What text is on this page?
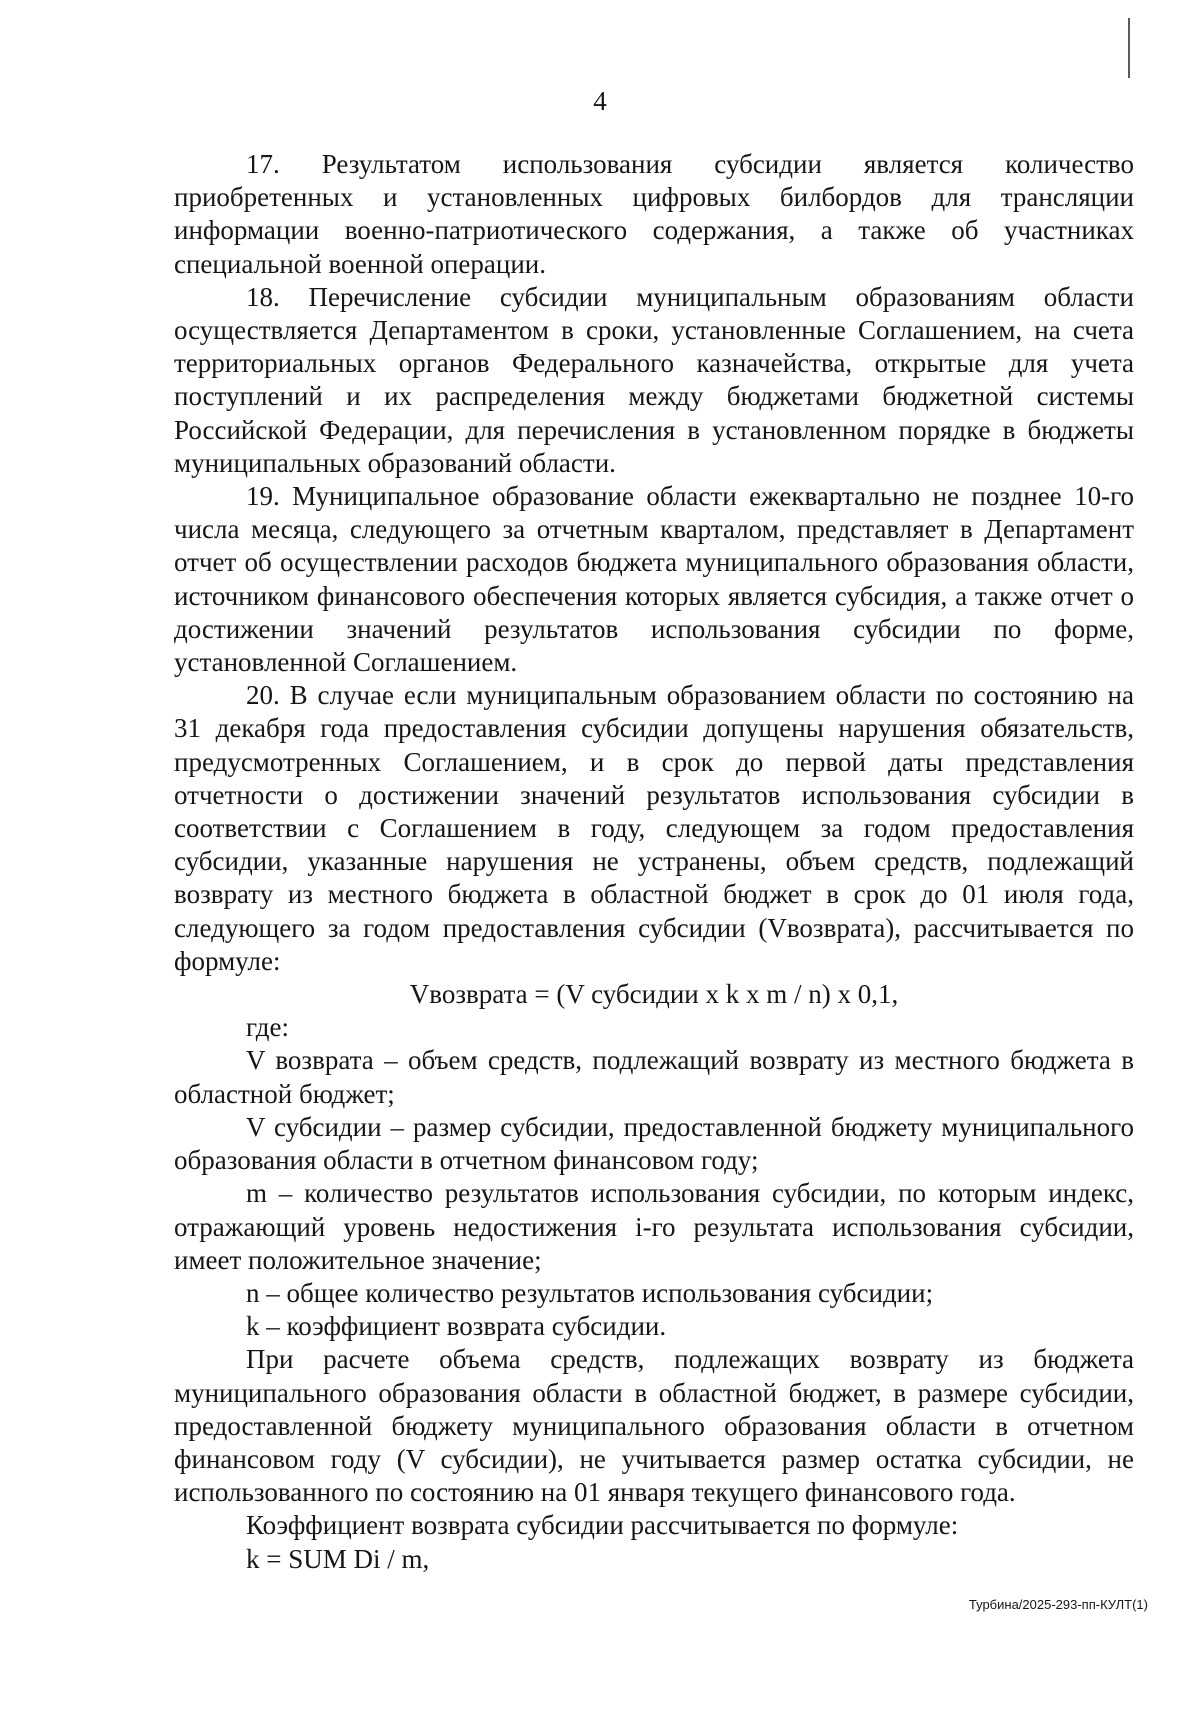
4

17. Результатом использования субсидии является количество приобретенных и установленных цифровых билбордов для трансляции информации военно-патриотического содержания, а также об участниках специальной военной операции.

18. Перечисление субсидии муниципальным образованиям области осуществляется Департаментом в сроки, установленные Соглашением, на счета территориальных органов Федерального казначейства, открытые для учета поступлений и их распределения между бюджетами бюджетной системы Российской Федерации, для перечисления в установленном порядке в бюджеты муниципальных образований области.

19. Муниципальное образование области ежеквартально не позднее 10-го числа месяца, следующего за отчетным кварталом, представляет в Департамент отчет об осуществлении расходов бюджета муниципального образования области, источником финансового обеспечения которых является субсидия, а также отчет о достижении значений результатов использования субсидии по форме, установленной Соглашением.

20. В случае если муниципальным образованием области по состоянию на 31 декабря года предоставления субсидии допущены нарушения обязательств, предусмотренных Соглашением, и в срок до первой даты представления отчетности о достижении значений результатов использования субсидии в соответствии с Соглашением в году, следующем за годом предоставления субсидии, указанные нарушения не устранены, объем средств, подлежащий возврату из местного бюджета в областной бюджет в срок до 01 июля года, следующего за годом предоставления субсидии (Vвозврата), рассчитывается по формуле:

Vвозврата = (V субсидии x k x m / n) x 0,1,

где:

V возврата – объем средств, подлежащий возврату из местного бюджета в областной бюджет;

V субсидии – размер субсидии, предоставленной бюджету муниципального образования области в отчетном финансовом году;

m – количество результатов использования субсидии, по которым индекс, отражающий уровень недостижения i-го результата использования субсидии, имеет положительное значение;

n – общее количество результатов использования субсидии;

k – коэффициент возврата субсидии.

При расчете объема средств, подлежащих возврату из бюджета муниципального образования области в областной бюджет, в размере субсидии, предоставленной бюджету муниципального образования области в отчетном финансовом году (V субсидии), не учитывается размер остатка субсидии, не использованного по состоянию на 01 января текущего финансового года.

Коэффициент возврата субсидии рассчитывается по формуле:

k = SUM Di / m,

Турбина/2025-293-пп-КУЛТ(1)
